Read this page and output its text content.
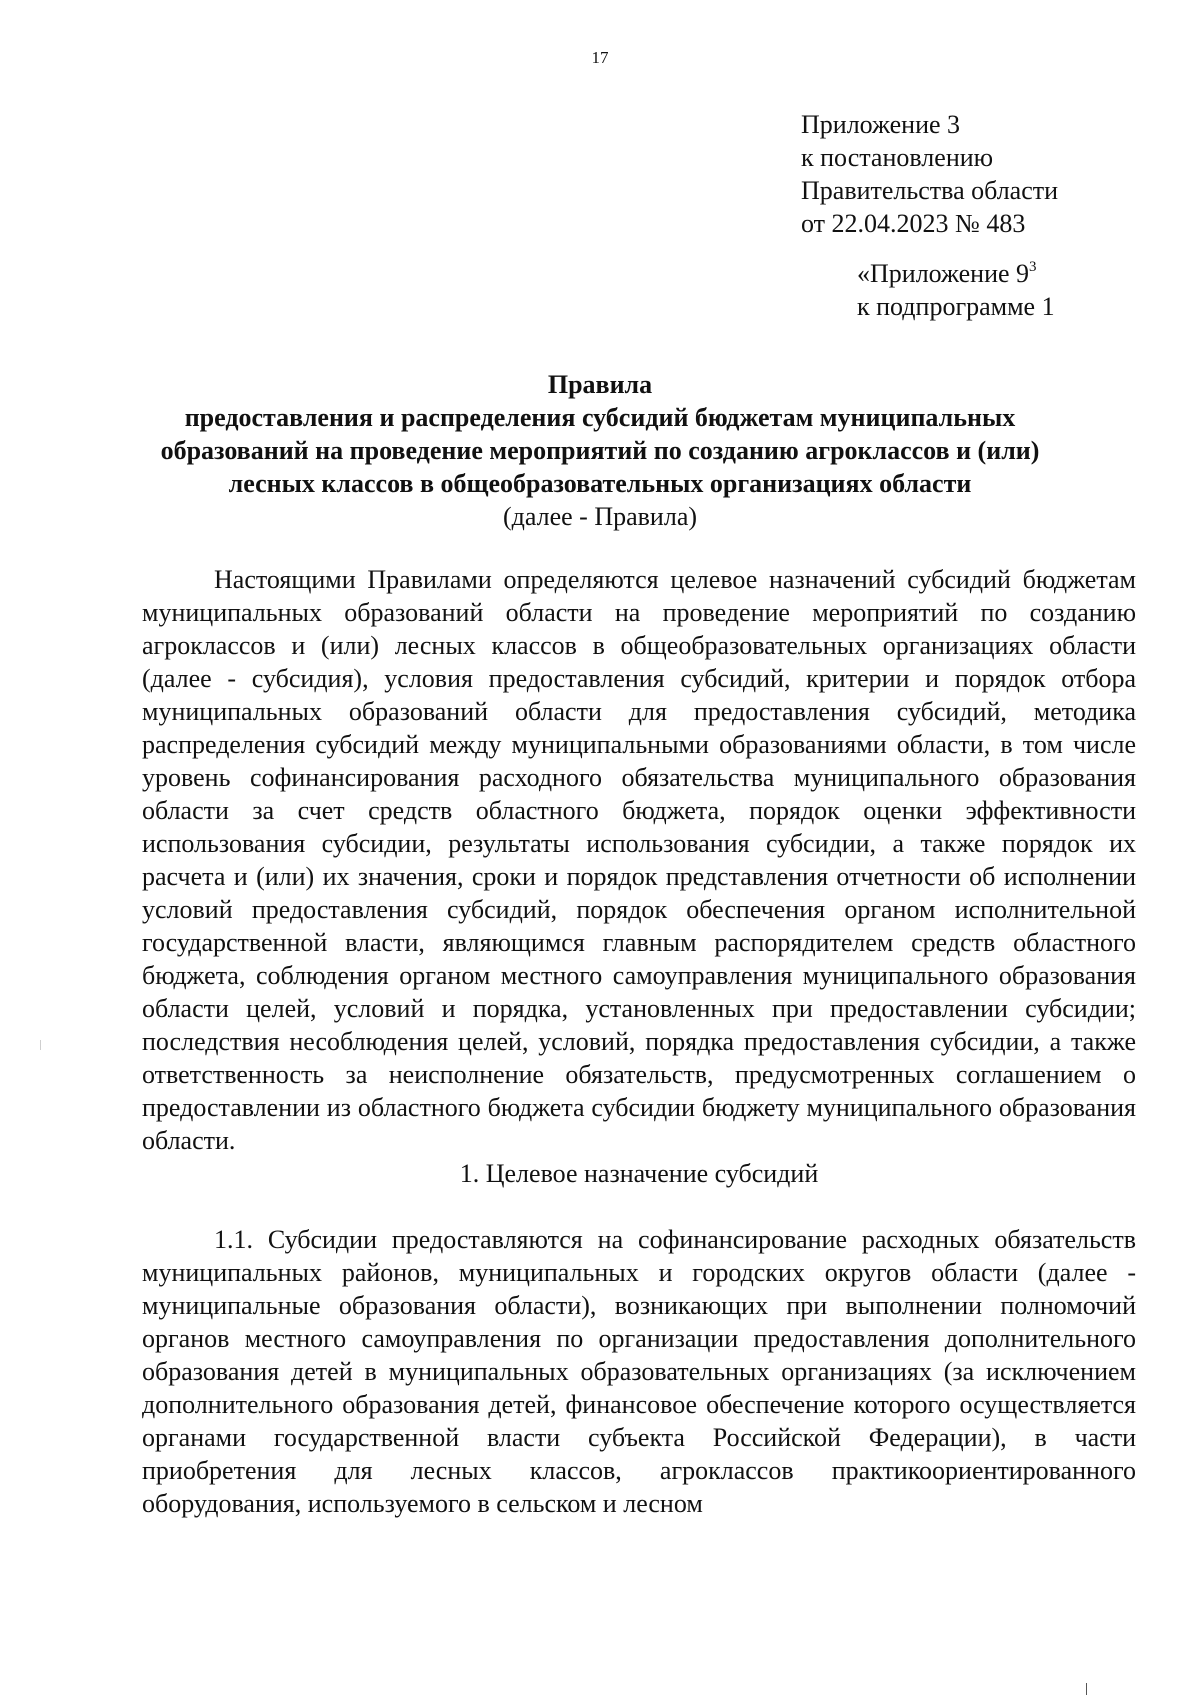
17
Приложение 3
к постановлению
Правительства области
от 22.04.2023 № 483
«Приложение $9^3$
к подпрограмме 1
Правила
предоставления и распределения субсидий бюджетам муниципальных
образований на проведение мероприятий по созданию агроклассов и (или)
лесных классов в общеобразовательных организациях области
(далее - Правила)

Настоящими Правилами определяются целевое назначений субсидий бюджетам муниципальных образований области на проведение мероприятий по созданию агроклассов и (или) лесных классов в общеобразовательных организациях области (далее - субсидия), условия предоставления субсидий, критерии и порядок отбора муниципальных образований области для предоставления субсидий, методика распределения субсидий между муниципальными образованиями области, в том числе уровень софинансирования расходного обязательства муниципального образования области за счет средств областного бюджета, порядок оценки эффективности использования субсидии, результаты использования субсидии, а также порядок их расчета и (или) их значения, сроки и порядок представления отчетности об исполнении условий предоставления субсидий, порядок обеспечения органом исполнительной государственной власти, являющимся главным распорядителем средств областного бюджета, соблюдения органом местного самоуправления муниципального образования области целей, условий и порядка, установленных при предоставлении субсидии; последствия несоблюдения целей, условий, порядка предоставления субсидии, а также ответственность за неисполнение обязательств, предусмотренных соглашением о предоставлении из областного бюджета субсидии бюджету муниципального образования области.

1. Целевое назначение субсидий

1.1. Субсидии предоставляются на софинансирование расходных обязательств муниципальных районов, муниципальных и городских округов области (далее - муниципальные образования области), возникающих при выполнении полномочий органов местного самоуправления по организации предоставления дополнительного образования детей в муниципальных образовательных организациях (за исключением дополнительного образования детей, финансовое обеспечение которого осуществляется органами государственной власти субъекта Российской Федерации), в части приобретения для лесных классов, агроклассов практикоориентированного оборудования, используемого в сельском и лесном
